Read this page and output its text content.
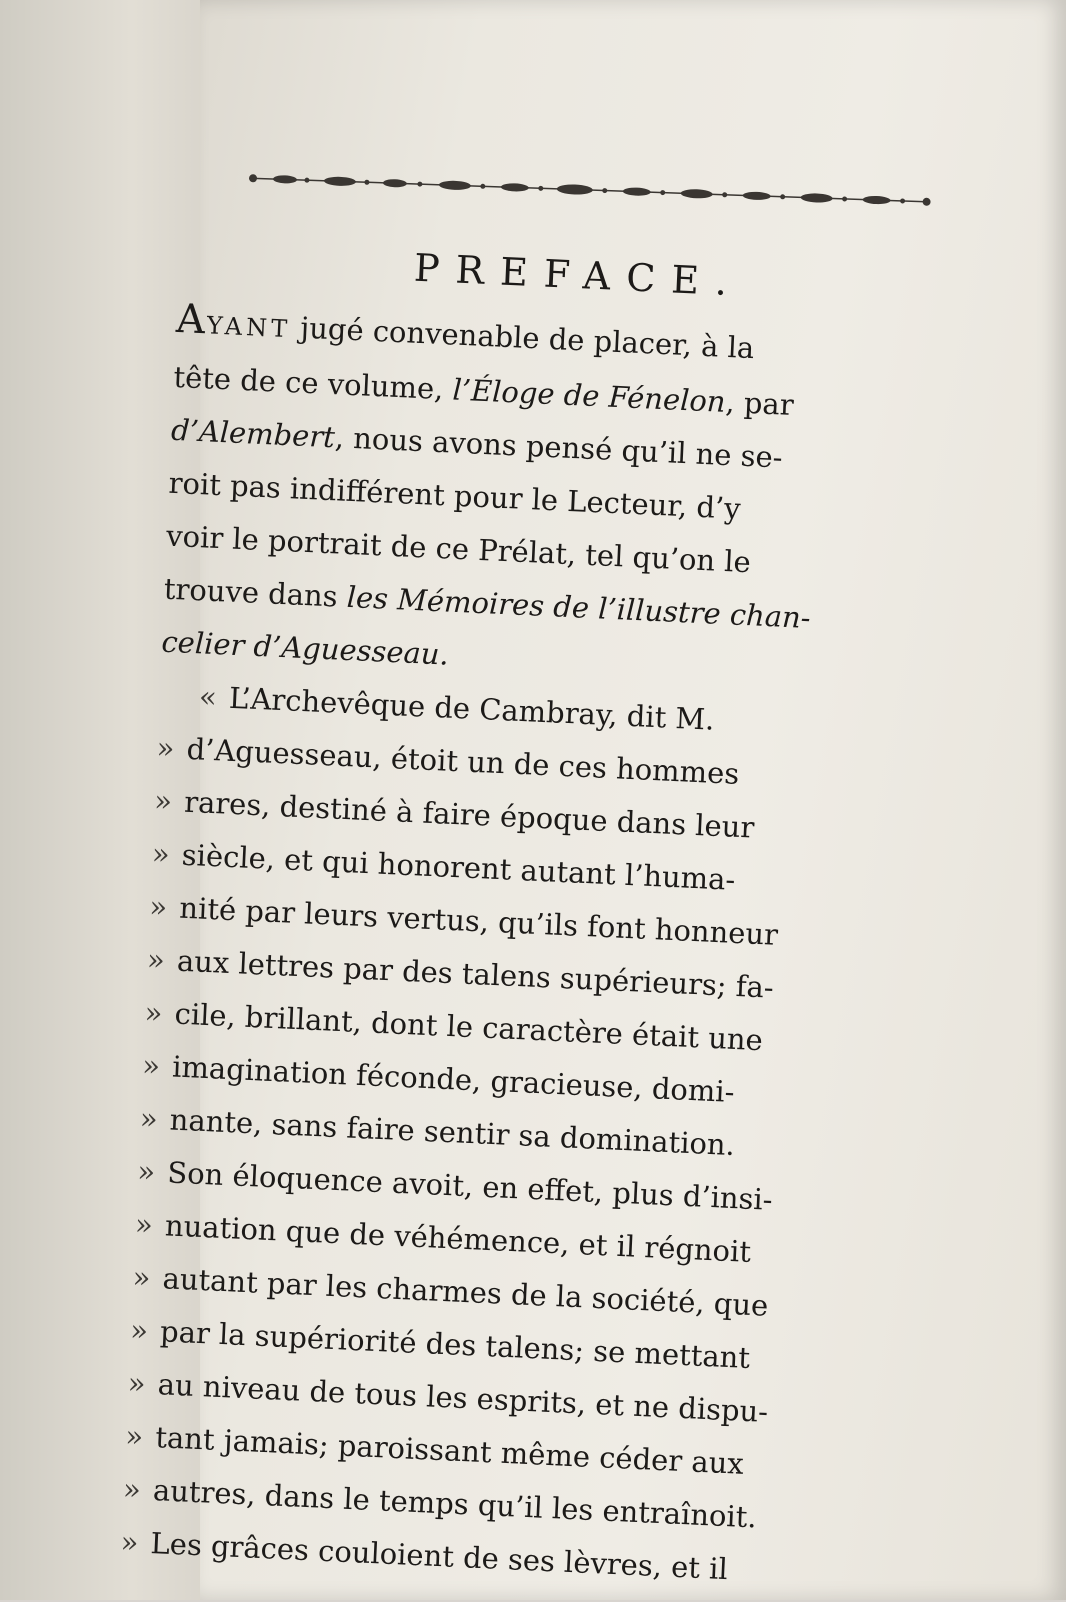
PREFACE.

AYANT jugé convenable de placer, à la
tête de ce volume, l’Éloge de Fénelon, par
d’Alembert, nous avons pensé qu’il ne se-
roit pas indifférent pour le Lecteur, d’y
voir le portrait de ce Prélat, tel qu’on le
trouve dans les Mémoires de l’illustre chan-
celier d’Aguesseau.

« L’Archevêque de Cambray, dit M.
» d’Aguesseau, étoit un de ces hommes
» rares, destiné à faire époque dans leur
» siècle, et qui honorent autant l’huma-
» nité par leurs vertus, qu’ils font honneur
» aux lettres par des talens supérieurs; fa-
» cile, brillant, dont le caractère était une
» imagination féconde, gracieuse, domi-
» nante, sans faire sentir sa domination.
» Son éloquence avoit, en effet, plus d’insi-
» nuation que de véhémence, et il régnoit
» autant par les charmes de la société, que
» par la supériorité des talens; se mettant
» au niveau de tous les esprits, et ne dispu-
» tant jamais; paroissant même céder aux
» autres, dans le temps qu’il les entraînoit.
» Les grâces couloient de ses lèvres, et il
